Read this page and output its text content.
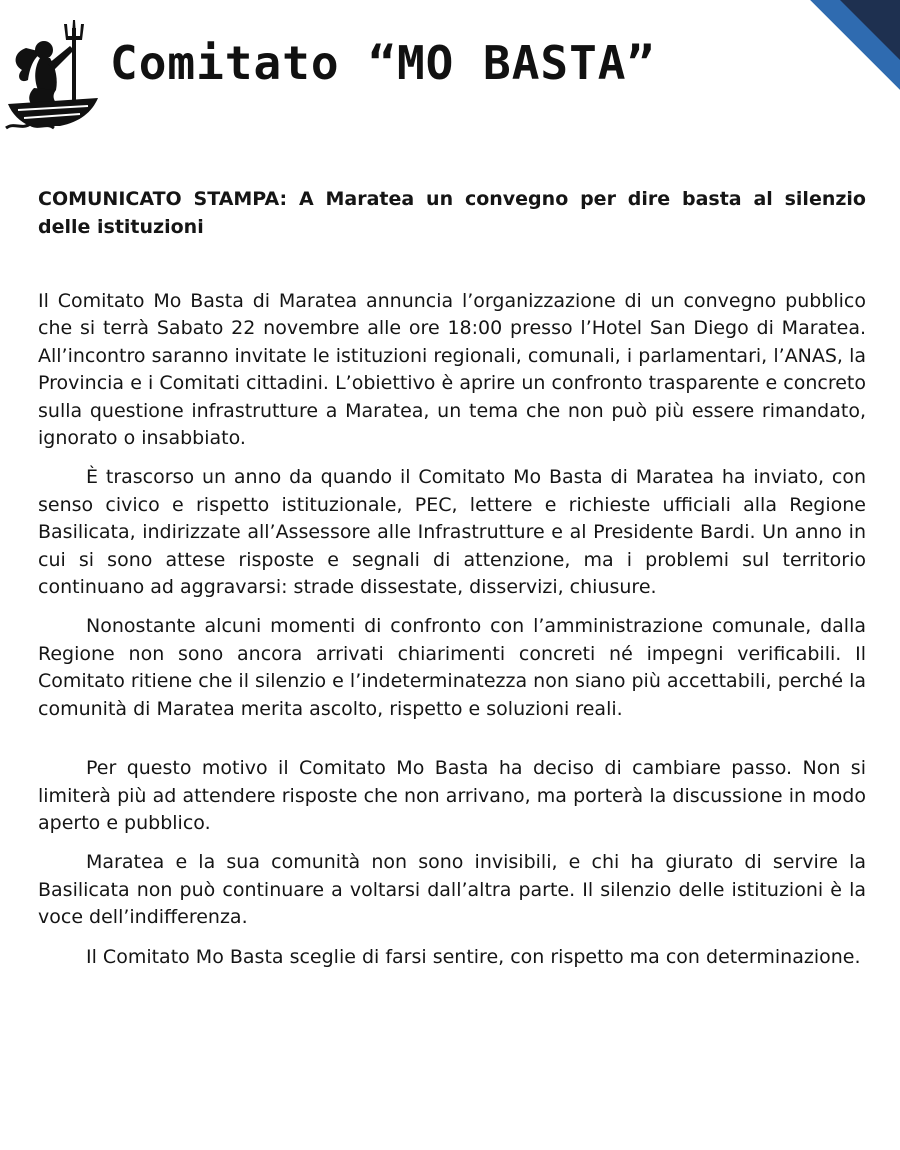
Comitato “MO BASTA”
COMUNICATO STAMPA: A Maratea un convegno per dire basta al silenzio delle istituzioni

Il Comitato Mo Basta di Maratea annuncia l’organizzazione di un convegno pubblico che si terrà Sabato 22 novembre alle ore 18:00 presso l’Hotel San Diego di Maratea. All’incontro saranno invitate le istituzioni regionali, comunali, i parlamentari, l’ANAS, la Provincia e i Comitati cittadini. L’obiettivo è aprire un confronto trasparente e concreto sulla questione infrastrutture a Maratea, un tema che non può più essere rimandato, ignorato o insabbiato.

È trascorso un anno da quando il Comitato Mo Basta di Maratea ha inviato, con senso civico e rispetto istituzionale, PEC, lettere e richieste ufficiali alla Regione Basilicata, indirizzate all’Assessore alle Infrastrutture e al Presidente Bardi. Un anno in cui si sono attese risposte e segnali di attenzione, ma i problemi sul territorio continuano ad aggravarsi: strade dissestate, disservizi, chiusure.

Nonostante alcuni momenti di confronto con l’amministrazione comunale, dalla Regione non sono ancora arrivati chiarimenti concreti né impegni verificabili. Il Comitato ritiene che il silenzio e l’indeterminatezza non siano più accettabili, perché la comunità di Maratea merita ascolto, rispetto e soluzioni reali.

Per questo motivo il Comitato Mo Basta ha deciso di cambiare passo. Non si limiterà più ad attendere risposte che non arrivano, ma porterà la discussione in modo aperto e pubblico.

Maratea e la sua comunità non sono invisibili, e chi ha giurato di servire la Basilicata non può continuare a voltarsi dall’altra parte. Il silenzio delle istituzioni è la voce dell’indifferenza.

Il Comitato Mo Basta sceglie di farsi sentire, con rispetto ma con determinazione.
